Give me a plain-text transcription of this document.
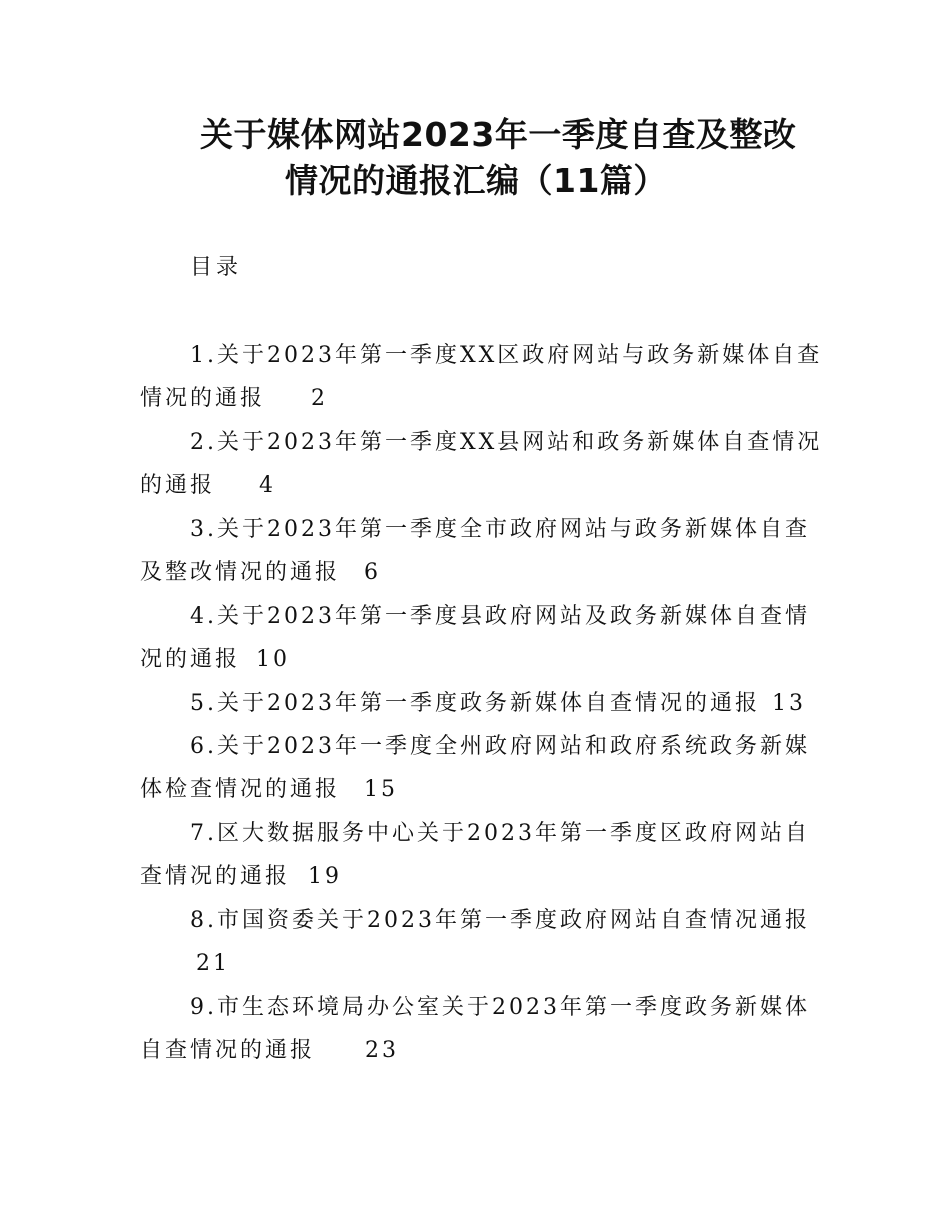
关于媒体网站2023年一季度自查及整改
情况的通报汇编（11篇）
目录
1.关于2023年第一季度XX区政府网站与政务新媒体自查
情况的通报 2
2.关于2023年第一季度XX县网站和政务新媒体自查情况
的通报 4
3.关于2023年第一季度全市政府网站与政务新媒体自查
及整改情况的通报 6
4.关于2023年第一季度县政府网站及政务新媒体自查情
况的通报 10
5.关于2023年第一季度政务新媒体自查情况的通报 13
6.关于2023年一季度全州政府网站和政府系统政务新媒
体检查情况的通报 15
7.区大数据服务中心关于2023年第一季度区政府网站自
查情况的通报 19
8.市国资委关于2023年第一季度政府网站自查情况通报
21
9.市生态环境局办公室关于2023年第一季度政务新媒体
自查情况的通报 23
